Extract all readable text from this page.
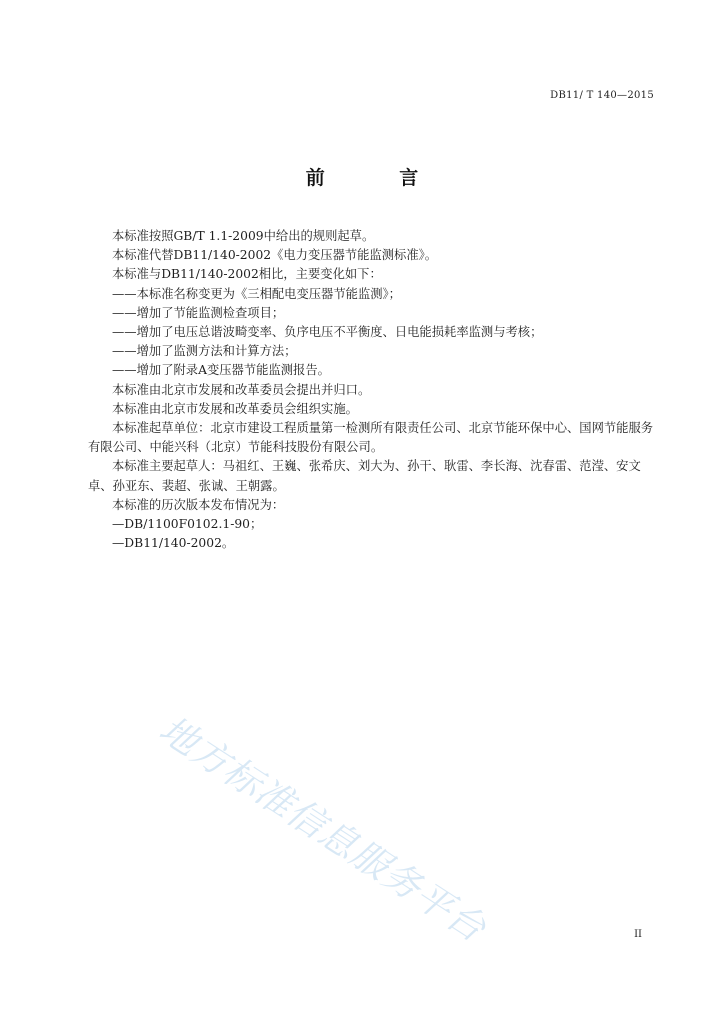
DB11/ T 140—2015
前 言

本标准按照GB/T 1.1-2009中给出的规则起草。

本标准代替DB11/140-2002《电力变压器节能监测标准》。

本标准与DB11/140-2002相比，主要变化如下：

——本标准名称变更为《三相配电变压器节能监测》；

——增加了节能监测检查项目；

——增加了电压总谐波畸变率、负序电压不平衡度、日电能损耗率监测与考核；

——增加了监测方法和计算方法；

——增加了附录A变压器节能监测报告。

本标准由北京市发展和改革委员会提出并归口。

本标准由北京市发展和改革委员会组织实施。

本标准起草单位：北京市建设工程质量第一检测所有限责任公司、北京节能环保中心、国网节能服务有限公司、中能兴科（北京）节能科技股份有限公司。

本标准主要起草人：马祖红、王巍、张希庆、刘大为、孙干、耿雷、李长海、沈春雷、范滢、安文卓、孙亚东、裴超、张诚、王朝露。

本标准的历次版本发布情况为：

—DB/1100F0102.1-90；

—DB11/140-2002。

地方标准信息服务平台	II
